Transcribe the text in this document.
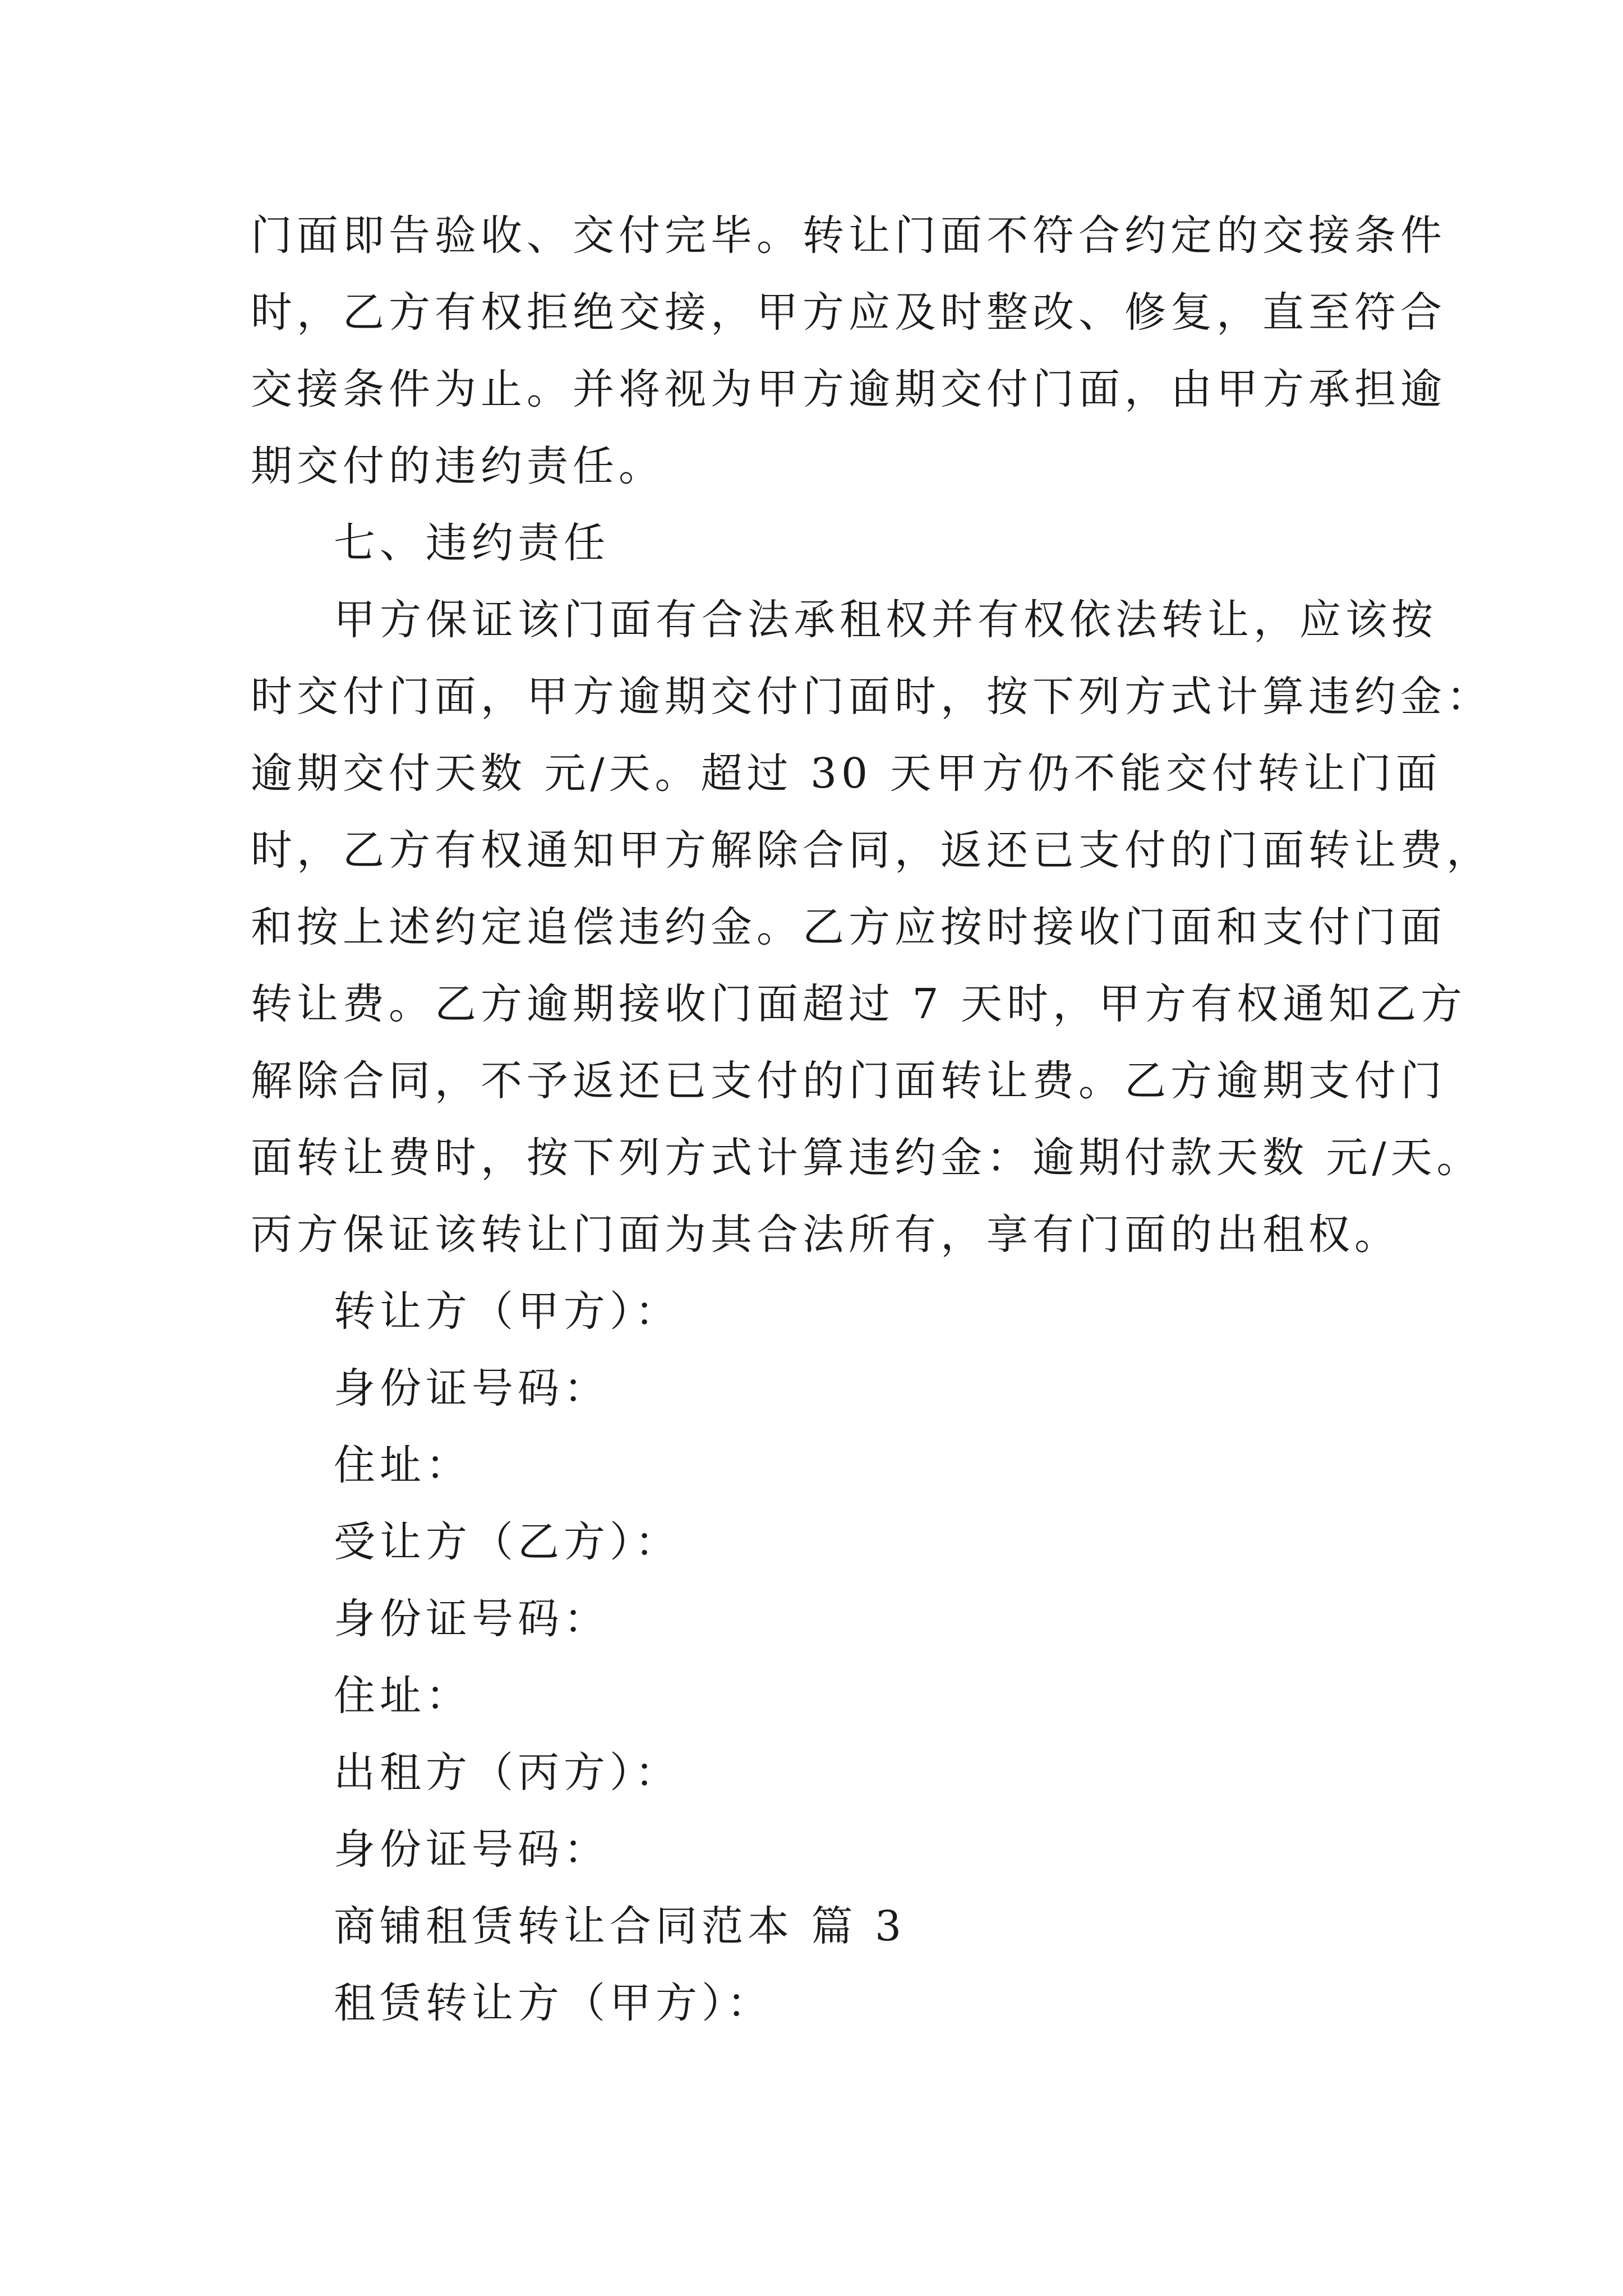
门面即告验收、交付完毕。转让门面不符合约定的交接条件
时，乙方有权拒绝交接，甲方应及时整改、修复，直至符合
交接条件为止。并将视为甲方逾期交付门面，由甲方承担逾
期交付的违约责任。

七、违约责任

甲方保证该门面有合法承租权并有权依法转让，应该按
时交付门面，甲方逾期交付门面时，按下列方式计算违约金：
逾期交付天数 元/天。超过 30 天甲方仍不能交付转让门面
时，乙方有权通知甲方解除合同，返还已支付的门面转让费，
和按上述约定追偿违约金。乙方应按时接收门面和支付门面
转让费。乙方逾期接收门面超过 7 天时，甲方有权通知乙方
解除合同，不予返还已支付的门面转让费。乙方逾期支付门
面转让费时，按下列方式计算违约金：逾期付款天数 元/天。
丙方保证该转让门面为其合法所有，享有门面的出租权。

转让方（甲方）：
身份证号码：
住址：
受让方（乙方）：
身份证号码：
住址：
出租方（丙方）：
身份证号码：
商铺租赁转让合同范本 篇 3
租赁转让方（甲方）：
